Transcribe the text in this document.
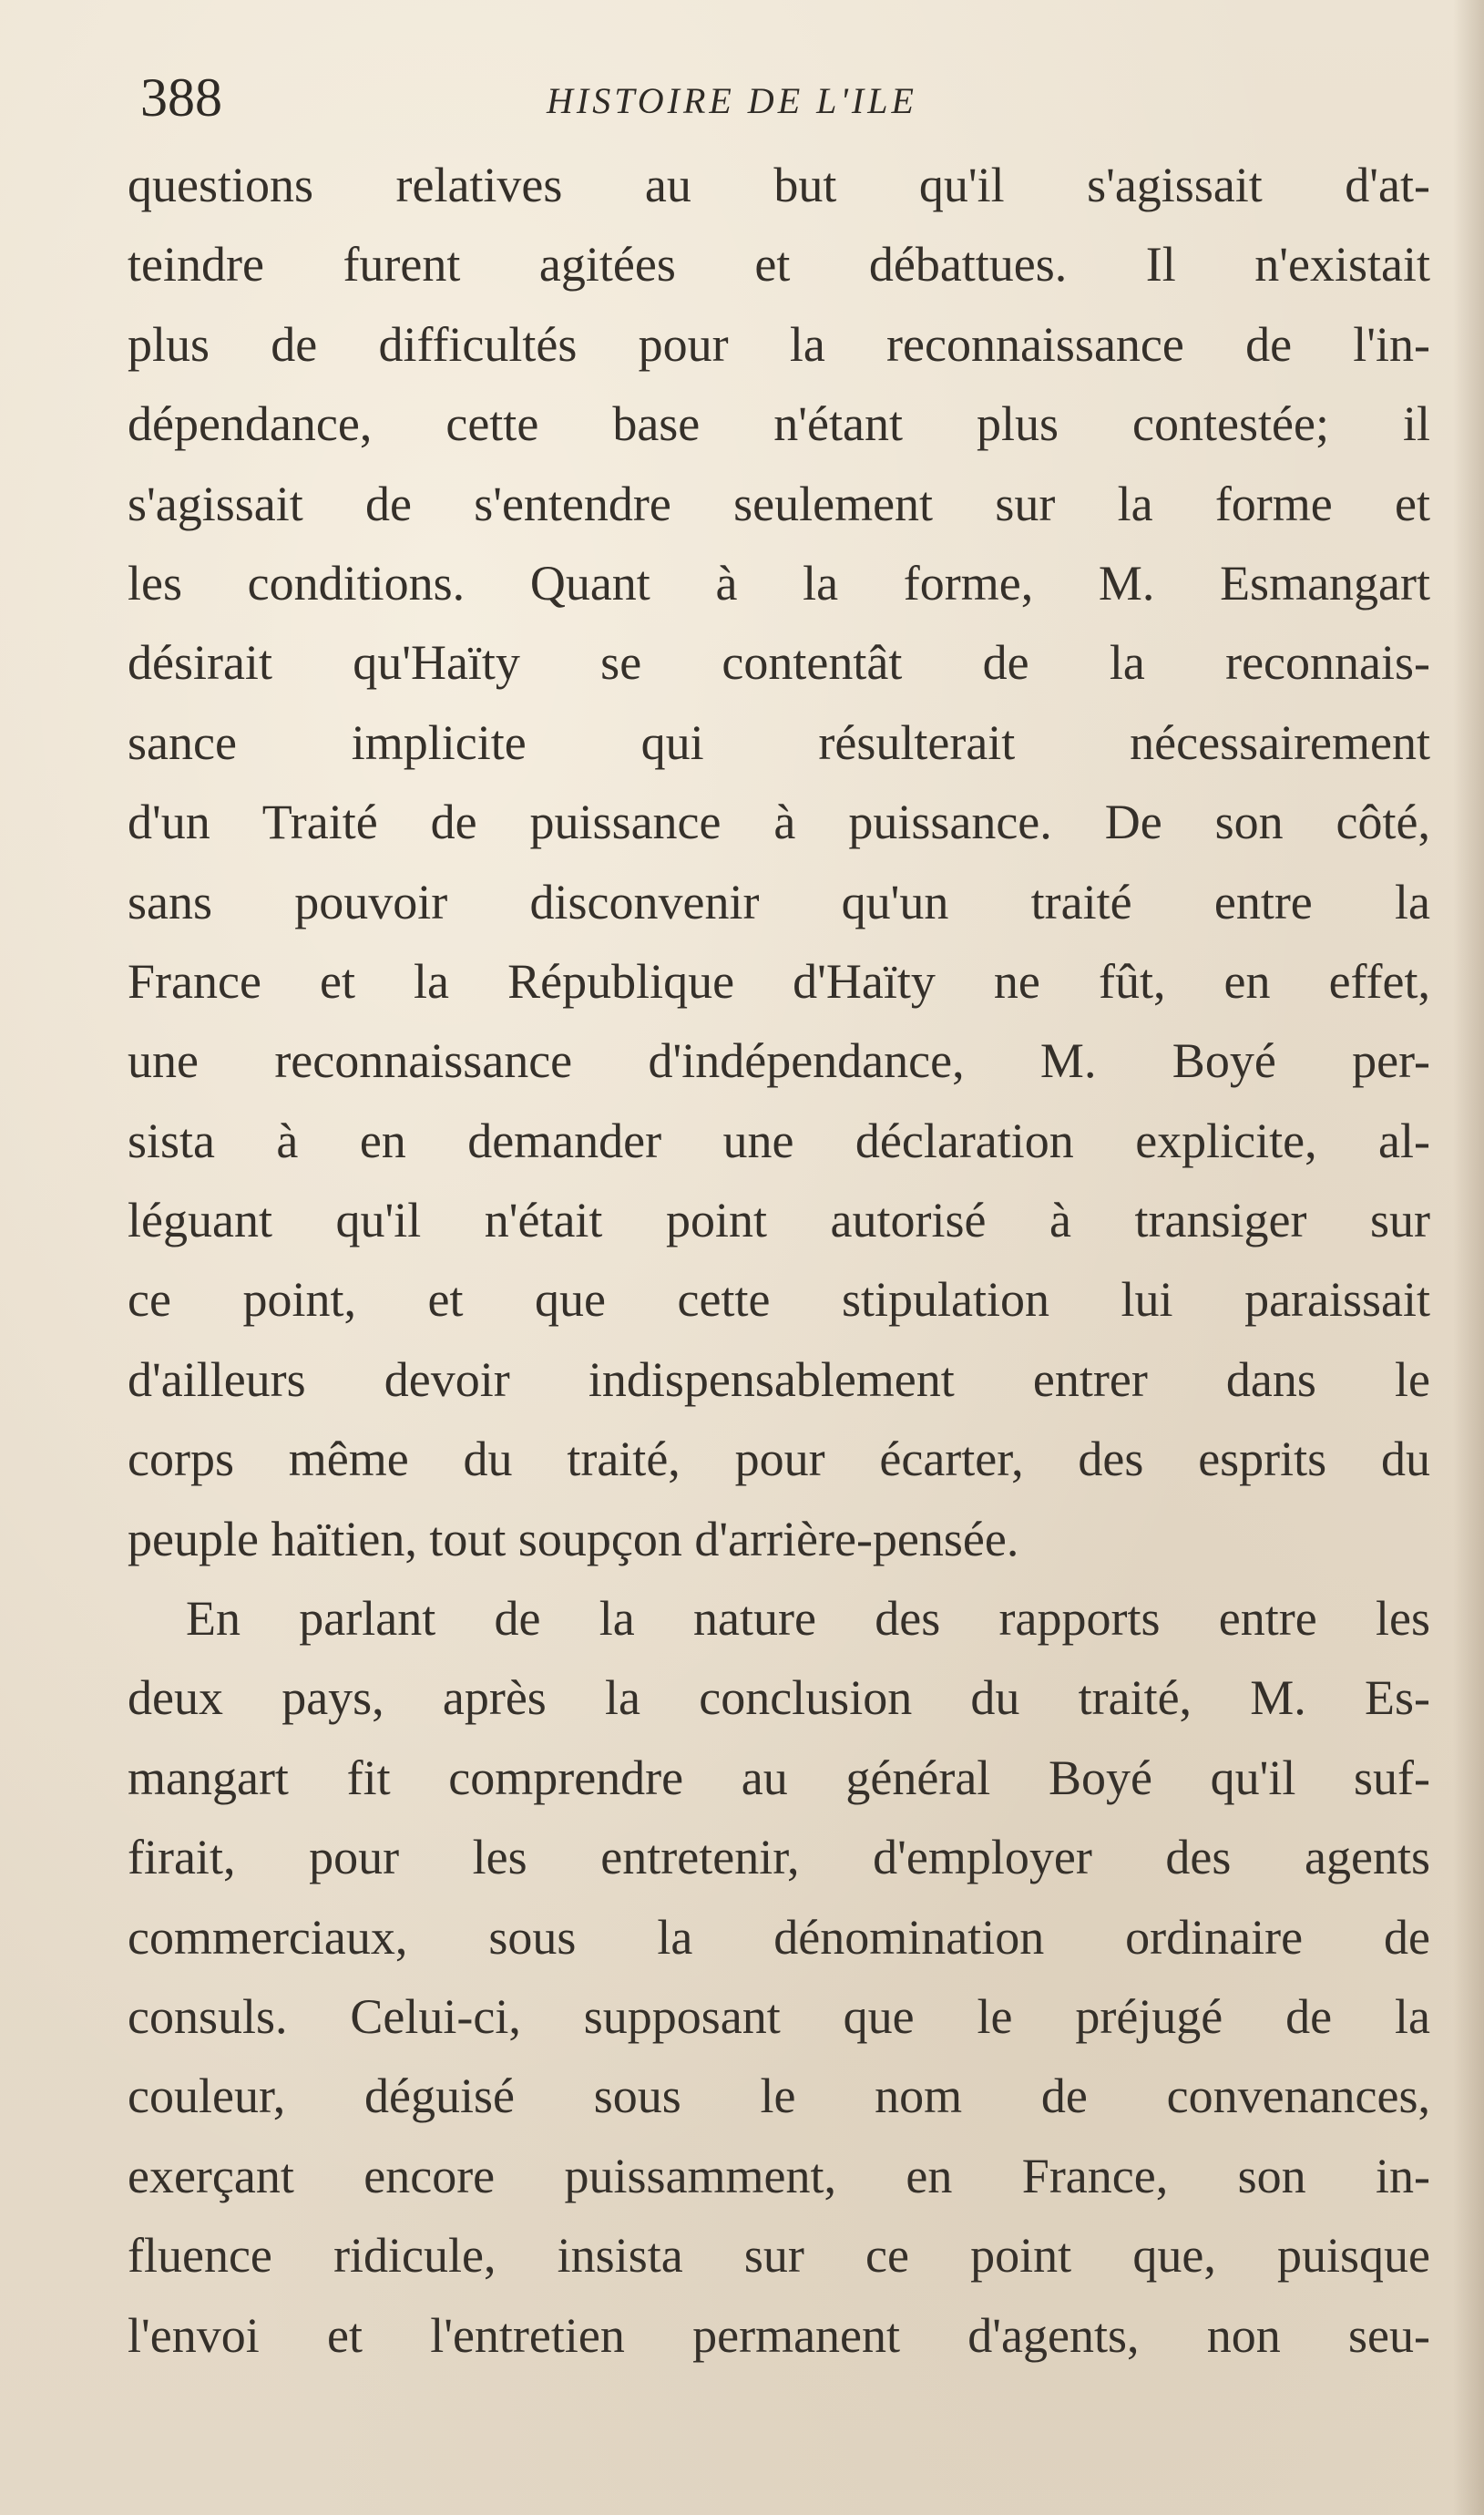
388	HISTOIRE DE L'ILE
questions relatives au but qu'il s'agissait d'at-
teindre furent agitées et débattues. Il n'existait
plus de difficultés pour la reconnaissance de l'in-
dépendance, cette base n'étant plus contestée; il
s'agissait de s'entendre seulement sur la forme et
les conditions. Quant à la forme, M. Esmangart
désirait qu'Haïty se contentât de la reconnais-
sance implicite qui résulterait nécessairement
d'un Traité de puissance à puissance. De son côté,
sans pouvoir disconvenir qu'un traité entre la
France et la République d'Haïty ne fût, en effet,
une reconnaissance d'indépendance, M. Boyé per-
sista à en demander une déclaration explicite, al-
léguant qu'il n'était point autorisé à transiger sur
ce point, et que cette stipulation lui paraissait
d'ailleurs devoir indispensablement entrer dans le
corps même du traité, pour écarter, des esprits du
peuple haïtien, tout soupçon d'arrière-pensée.
En parlant de la nature des rapports entre les
deux pays, après la conclusion du traité, M. Es-
mangart fit comprendre au général Boyé qu'il suf-
firait, pour les entretenir, d'employer des agents
commerciaux, sous la dénomination ordinaire de
consuls. Celui-ci, supposant que le préjugé de la
couleur, déguisé sous le nom de convenances,
exerçant encore puissamment, en France, son in-
fluence ridicule, insista sur ce point que, puisque
l'envoi et l'entretien permanent d'agents, non seu-
